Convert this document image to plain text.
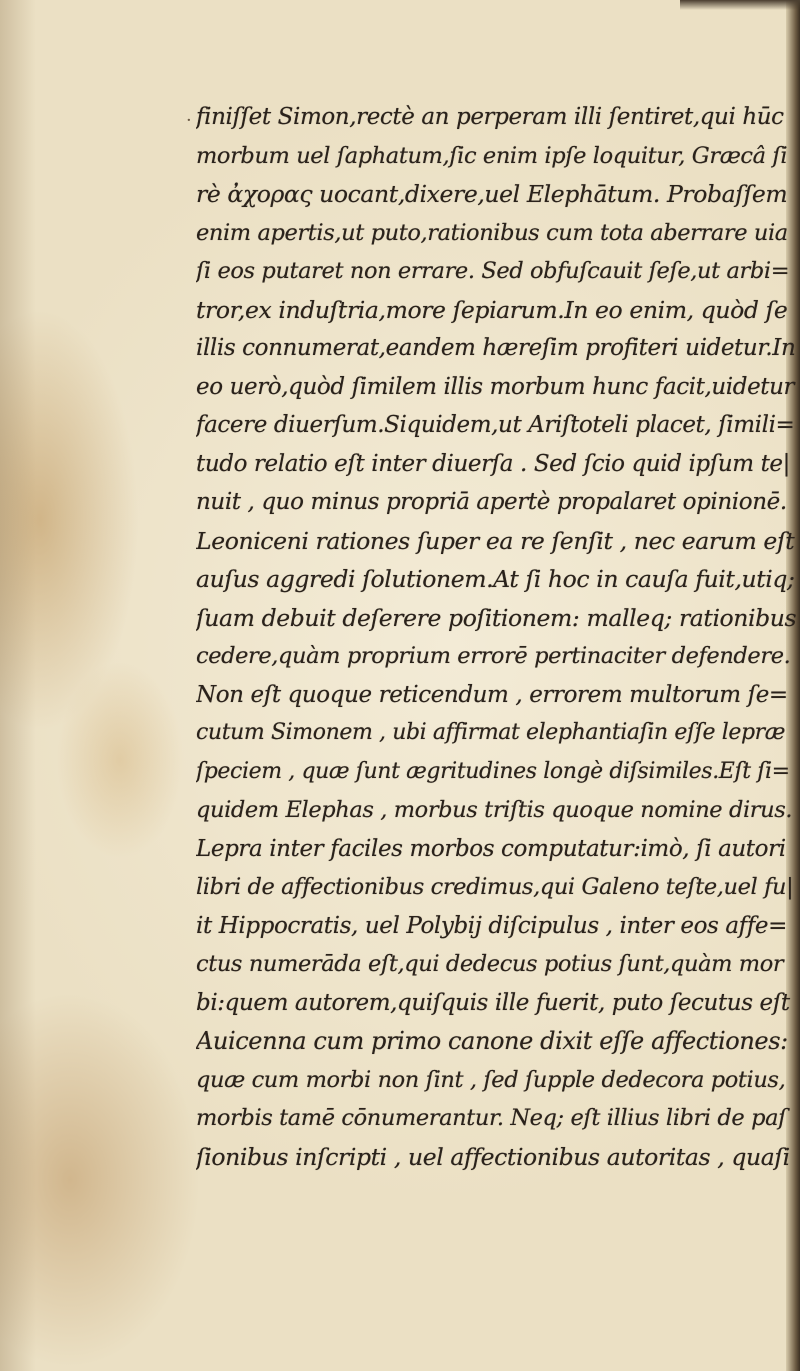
· finiſſet Simon,rectè an perperam illi ſentiret,qui hūc
morbum uel ſaphatum,ſic enim ipſe loquitur, Græcâ ſi
rè ἀχορας uocant,dixere,uel Elephātum. Probaſſem
enim apertis,ut puto,rationibus cum tota aberrare uia
ſi eos putaret non errare. Sed obfuſcauit ſeſe,ut arbi=
tror,ex induſtria,more ſepiarum.In eo enim, quòd ſe
illis connumerat,eandem hæreſim profiteri uidetur.In
eo uerò,quòd ſimilem illis morbum hunc facit,uidetur
facere diuerſum.Siquidem,ut Ariſtoteli placet, ſimili=
tudo relatio eſt inter diuerſa . Sed ſcio quid ipſum te|
nuit , quo minus propriā apertè propalaret opinionē.
Leoniceni rationes ſuper ea re ſenſit , nec earum eſt
auſus aggredi ſolutionem.At ſi hoc in cauſa fuit,utiq;
ſuam debuit deſerere poſitionem: malleq; rationibus
cedere,quàm proprium errorē pertinaciter defendere.
Non eſt quoque reticendum , errorem multorum ſe=
cutum Simonem , ubi affirmat elephantiaſin eſſe lepræ
ſpeciem , quæ ſunt ægritudines longè diſsimiles.Eſt ſi=
quidem Elephas , morbus triſtis quoque nomine dirus.
Lepra inter faciles morbos computatur:imò, ſi autori
libri de affectionibus credimus,qui Galeno teſte,uel fu|
it Hippocratis, uel Polybij diſcipulus , inter eos affe=
ctus numerāda eſt,qui dedecus potius ſunt,quàm mor
bi:quem autorem,quiſquis ille fuerit, puto ſecutus eſt
Auicenna cum primo canone dixit eſſe affectiones:
quæ cum morbi non ſint , ſed ſupple dedecora potius,
morbis tamē cōnumerantur. Neq; eſt illius libri de paſ
ſionibus inſcripti , uel affectionibus autoritas , quaſi
